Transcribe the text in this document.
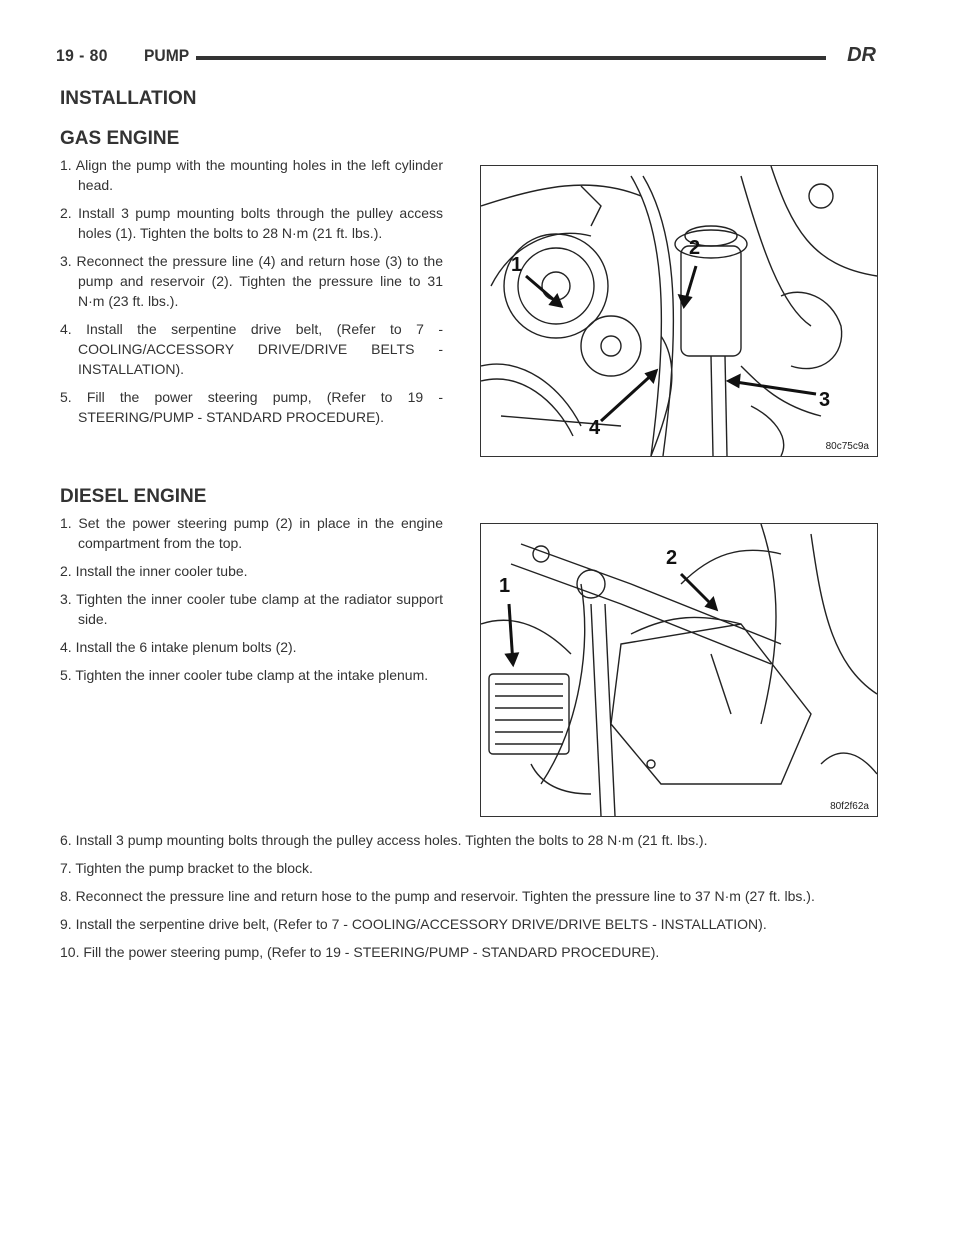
19 - 80 PUMP	DR
INSTALLATION
GAS ENGINE
1. Align the pump with the mounting holes in the left cylinder head.
2. Install 3 pump mounting bolts through the pulley access holes (1). Tighten the bolts to 28 N·m (21 ft. lbs.).
3. Reconnect the pressure line (4) and return hose (3) to the pump and reservoir (2). Tighten the pressure line to 31 N·m (23 ft. lbs.).
4. Install the serpentine drive belt, (Refer to 7 - COOLING/ACCESSORY DRIVE/DRIVE BELTS - INSTALLATION).
5. Fill the power steering pump, (Refer to 19 - STEERING/PUMP - STANDARD PROCEDURE).
1
2
3
4
80c75c9a
DIESEL ENGINE
1. Set the power steering pump (2) in place in the engine compartment from the top.
2. Install the inner cooler tube.
3. Tighten the inner cooler tube clamp at the radiator support side.
4. Install the 6 intake plenum bolts (2).
5. Tighten the inner cooler tube clamp at the intake plenum.
1
2
80f2f62a
6. Install 3 pump mounting bolts through the pulley access holes. Tighten the bolts to 28 N·m (21 ft. lbs.).
7. Tighten the pump bracket to the block.
8. Reconnect the pressure line and return hose to the pump and reservoir. Tighten the pressure line to 37 N·m (27 ft. lbs.).
9. Install the serpentine drive belt, (Refer to 7 - COOLING/ACCESSORY DRIVE/DRIVE BELTS - INSTALLATION).
10. Fill the power steering pump, (Refer to 19 - STEERING/PUMP - STANDARD PROCEDURE).
